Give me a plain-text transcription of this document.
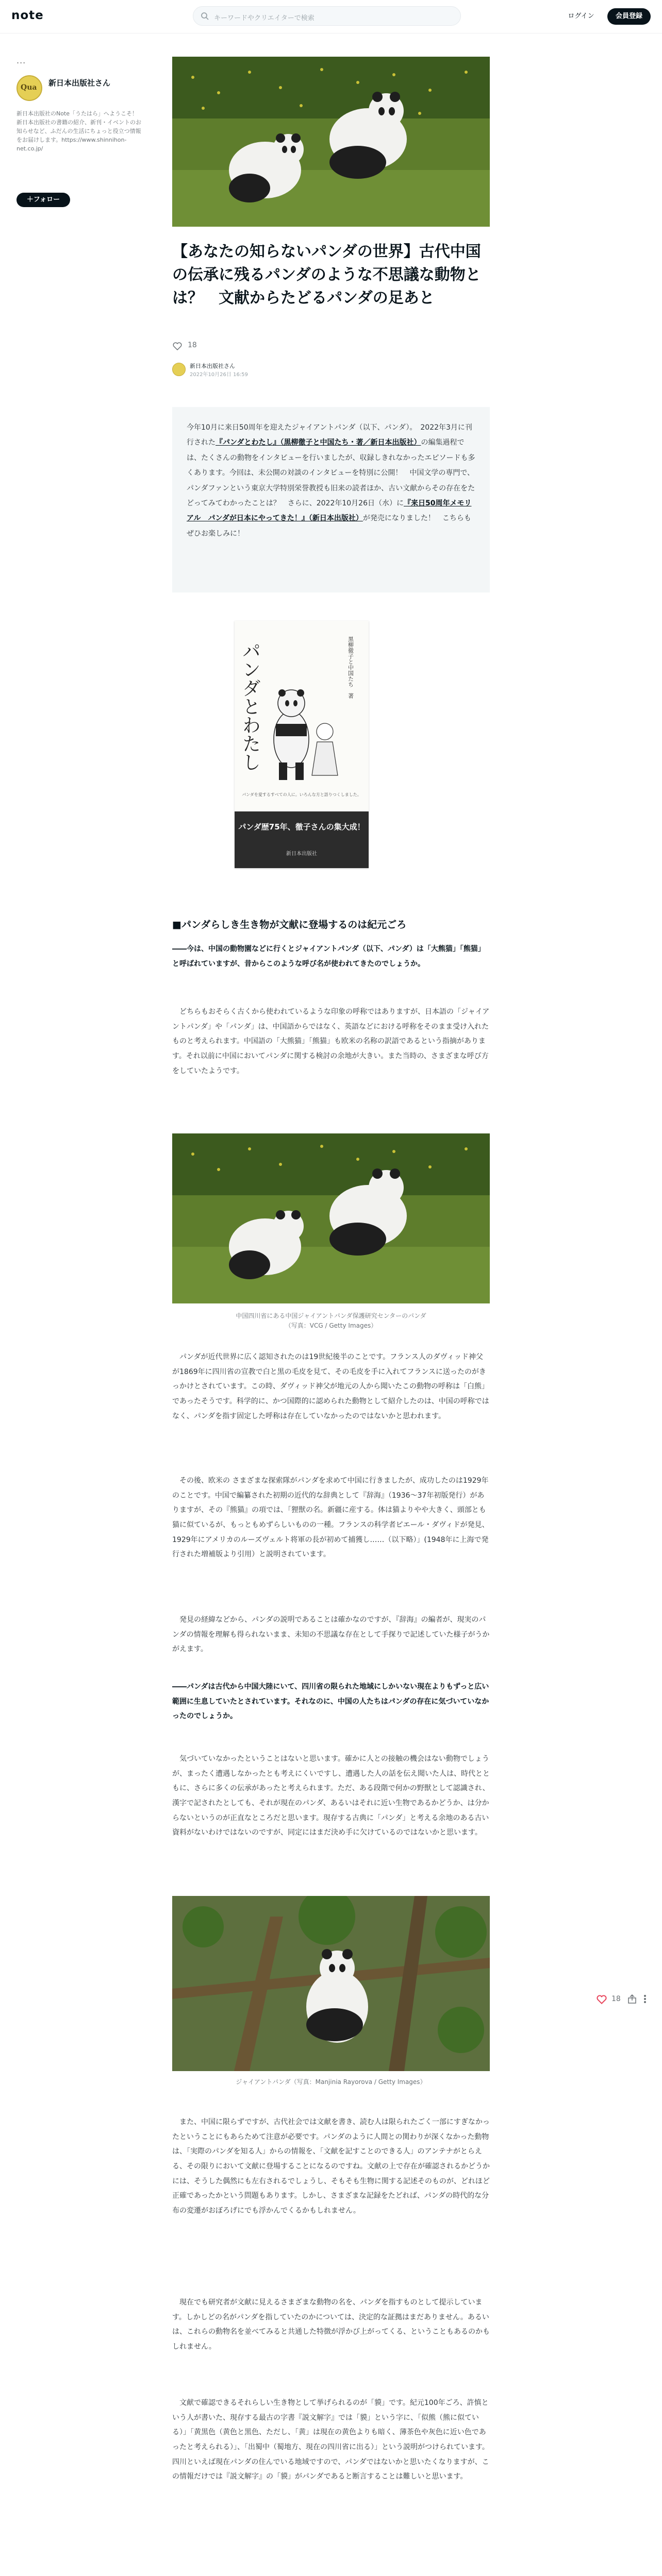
note	キーワードやクリエイターで検索	ログイン	会員登録
...
Qua 新日本出版社さん
新日本出版社のNote「うたはら」へようこそ！　新日本出版社の書籍の紹介、新刊・イベントのお知らせなど、ふだんの生活にちょっと役立つ情報をお届けします。https://www.shinnihon-net.co.jp/
＋フォロー
【あなたの知らないパンダの世界】古代中国の伝承に残るパンダのような不思議な動物とは？　文献からたどるパンダの足あと
18
新日本出版社さん
2022年10月26日 16:59

今年10月に来日50周年を迎えたジャイアントパンダ（以下、パンダ）。　2022年3月に刊行された『パンダとわたし』（黒柳徹子と中国たち・著／新日本出版社）の編集過程では、たくさんの動物をインタビューを行いましたが、収録しきれなかったエピソードも多くあります。今回は、未公開の対談のインタビューを特別に公開！　中国文学の専門で、パンダファンという東京大学特別栄誉教授も旧来の読者ほか、古い文献からその存在をたどってみてわかったことは？　さらに、2022年10月26日（水）に『来日50周年メモリアル　パンダが日本にやってきた！』（新日本出版社）が発売になりました！　こちらもぜひお楽しみに！

パンダとわたし	黒柳徹子と中国たち　著
パンダを愛するすべての人に。いろんな方と語りつくしました。
パンダ歴75年、徹子さんの集大成！
新日本出版社
■パンダらしき生き物が文献に登場するのは紀元ごろ
――今は、中国の動物園などに行くとジャイアントパンダ（以下、パンダ）は「大熊猫」「熊猫」と呼ばれていますが、昔からこのような呼び名が使われてきたのでしょうか。
　どちらもおそらく古くから使われているような印象の呼称ではありますが、日本語の「ジャイアントパンダ」や「パンダ」は、中国語からではなく、英語などにおける呼称をそのまま受け入れたものと考えられます。中国語の「大熊猫」「熊猫」も欧米の名称の訳語であるという指摘があります。それ以前に中国においてパンダに関する検討の余地が大きい。また当時の、さまざまな呼び方をしていたようです。
中国四川省にある中国ジャイアントパンダ保護研究センターのパンダ
（写真：VCG / Getty Images）
　パンダが近代世界に広く認知されたのは19世紀後半のことです。フランス人のダヴィッド神父が1869年に四川省の宣教で白と黒の毛皮を見て、その毛皮を手に入れてフランスに送ったのがきっかけとされています。この時、ダヴィッド神父が地元の人から聞いたこの動物の呼称は「白熊」であったそうです。科学的に、かつ国際的に認められた動物として紹介したのは、中国の呼称ではなく、パンダを指す固定した呼称は存在していなかったのではないかと思われます。
　その後、欧米の さまざまな探索隊がパンダを求めて中国に行きましたが、成功したのは1929年のことです。中国で編纂された初期の近代的な辞典として『辞海』（1936〜37年初版発行）がありますが、その『熊猫』の項では、「狸獣の名。新疆に産する。体は猫よりやや大きく、頭部とも猫に似ているが、もっともめずらしいものの一種。フランスの科学者ピエール・ダヴィドが発見、1929年にアメリカのルーズヴェルト将軍の長が初めて捕獲し……（以下略）」(1948年に上海で発行された増補版より引用）と説明されています。
　発見の経緯などから、パンダの説明であることは確かなのですが、『辞海』の編者が、現実のパンダの情報を理解も得られないまま、未知の不思議な存在として手探りで記述していた様子がうかがえます。
――パンダは古代から中国大陸にいて、四川省の限られた地域にしかいない現在よりもずっと広い範囲に生息していたとされています。それなのに、中国の人たちはパンダの存在に気づいていなかったのでしょうか。
　気づいていなかったということはないと思います。確かに人との接触の機会はない動物でしょうが、まったく遭遇しなかったとも考えにくいですし、遭遇した人の話を伝え聞いた人は、時代とともに、さらに多くの伝承があったと考えられます。ただ、ある段階で何かの野獣として認識され、漢字で記されたとしても、それが現在のパンダ、あるいはそれに近い生物であるかどうか、は分からないというのが正直なところだと思います。現存する古典に「パンダ」と考える余地のある古い資料がないわけではないのですが、同定にはまだ決め手に欠けているのではないかと思います。
ジャイアントパンダ（写真：Manjinia Rayorova / Getty Images）
　また、中国に限らずですが、古代社会では文献を書き、読む人は限られたごく一部にすぎなかったということにもあらためて注意が必要です。パンダのように人間との関わりが深くなかった動物は、「実際のパンダを知る人」からの情報を、「文献を記すことのできる人」のアンテナがとらえる、その限りにおいて文献に登場することになるのですね。文献の上で存在が確認されるかどうかには、そうした偶然にも左右されるでしょうし、そもそも生物に関する記述そのものが、どれほど正確であったかという問題もあります。しかし、さまざまな記録をたどれば、パンダの時代的な分布の変遷がおぼろげにでも浮かんでくるかもしれません。
　現在でも研究者が文献に見えるさまざまな動物の名を、パンダを指すものとして提示しています。しかしどの名がパンダを指していたのかについては、決定的な証拠はまだありません。あるいは、これらの動物名を並べてみると共通した特徴が浮かび上がってくる、ということもあるのかもしれません。
　文献で確認できるそれらしい生き物として挙げられるのが「貘」です。紀元100年ごろ、許慎という人が書いた、現存する最古の字書『説文解字』では「貘」という字に、「似熊（熊に似ている）」「黄黒色（黄色と黒色、ただし、「黄」は現在の黄色よりも暗く、薄茶色や灰色に近い色であったと考えられる）」、「出蜀中（蜀地方、現在の四川省に出る）」という説明がつけられています。四川といえば現在パンダの住んでいる地域ですので、パンダではないかと思いたくなりますが、この情報だけでは『説文解字』の「貘」がパンダであると断言することは難しいと思います。
18
